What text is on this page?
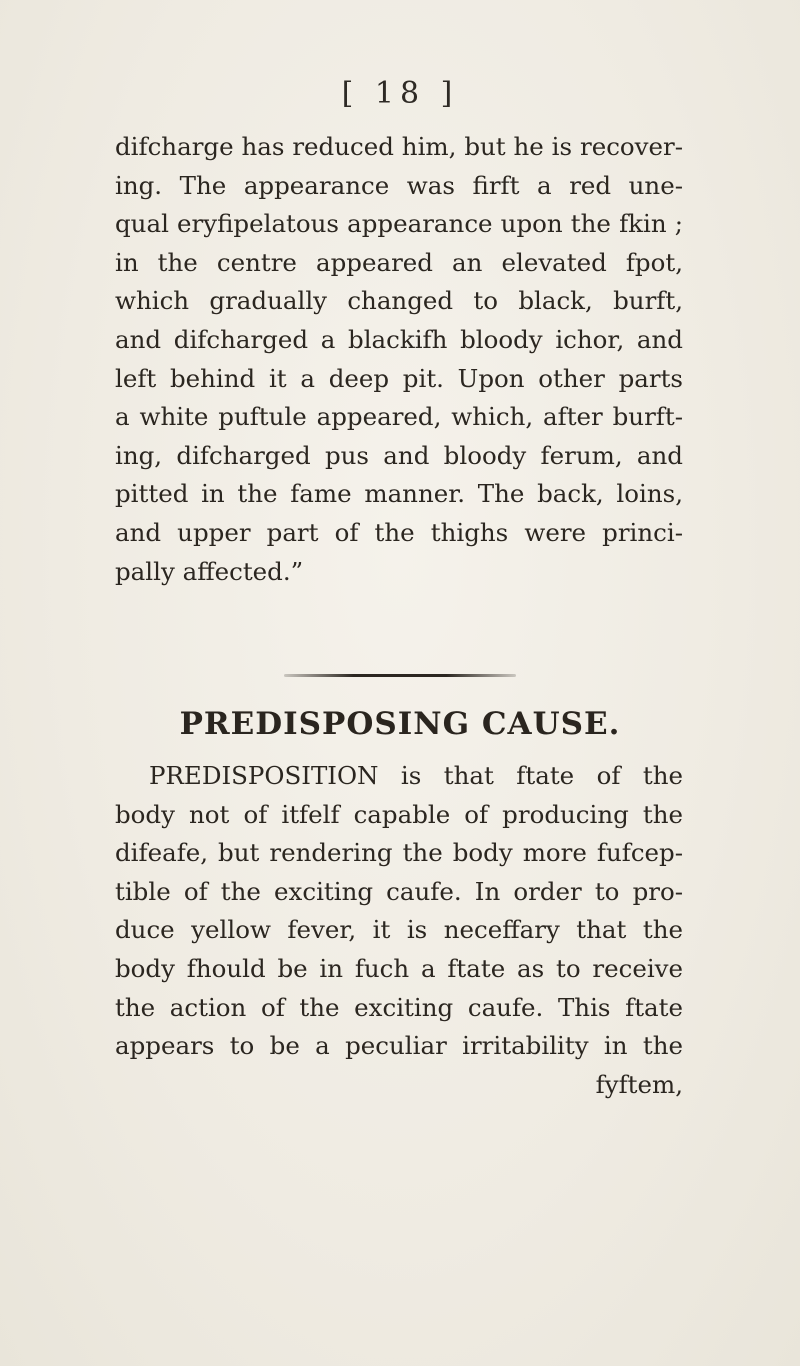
[ 18 ]
difcharge has reduced him, but he is recover-
ing. The appearance was firft a red une-
qual eryfipelatous appearance upon the fkin ;
in the centre appeared an elevated fpot,
which gradually changed to black, burft,
and difcharged a blackifh bloody ichor, and
left behind it a deep pit. Upon other parts
a white puftule appeared, which, after burft-
ing, difcharged pus and bloody ferum, and
pitted in the fame manner. The back, loins,
and upper part of the thighs were princi-
pally affected.”
PREDISPOSING CAUSE.
PREDISPOSITION is that ftate of the
body not of itfelf capable of producing the
difeafe, but rendering the body more fufcep-
tible of the exciting caufe. In order to pro-
duce yellow fever, it is neceffary that the
body fhould be in fuch a ftate as to receive
the action of the exciting caufe. This ftate
appears to be a peculiar irritability in the
fyftem,
